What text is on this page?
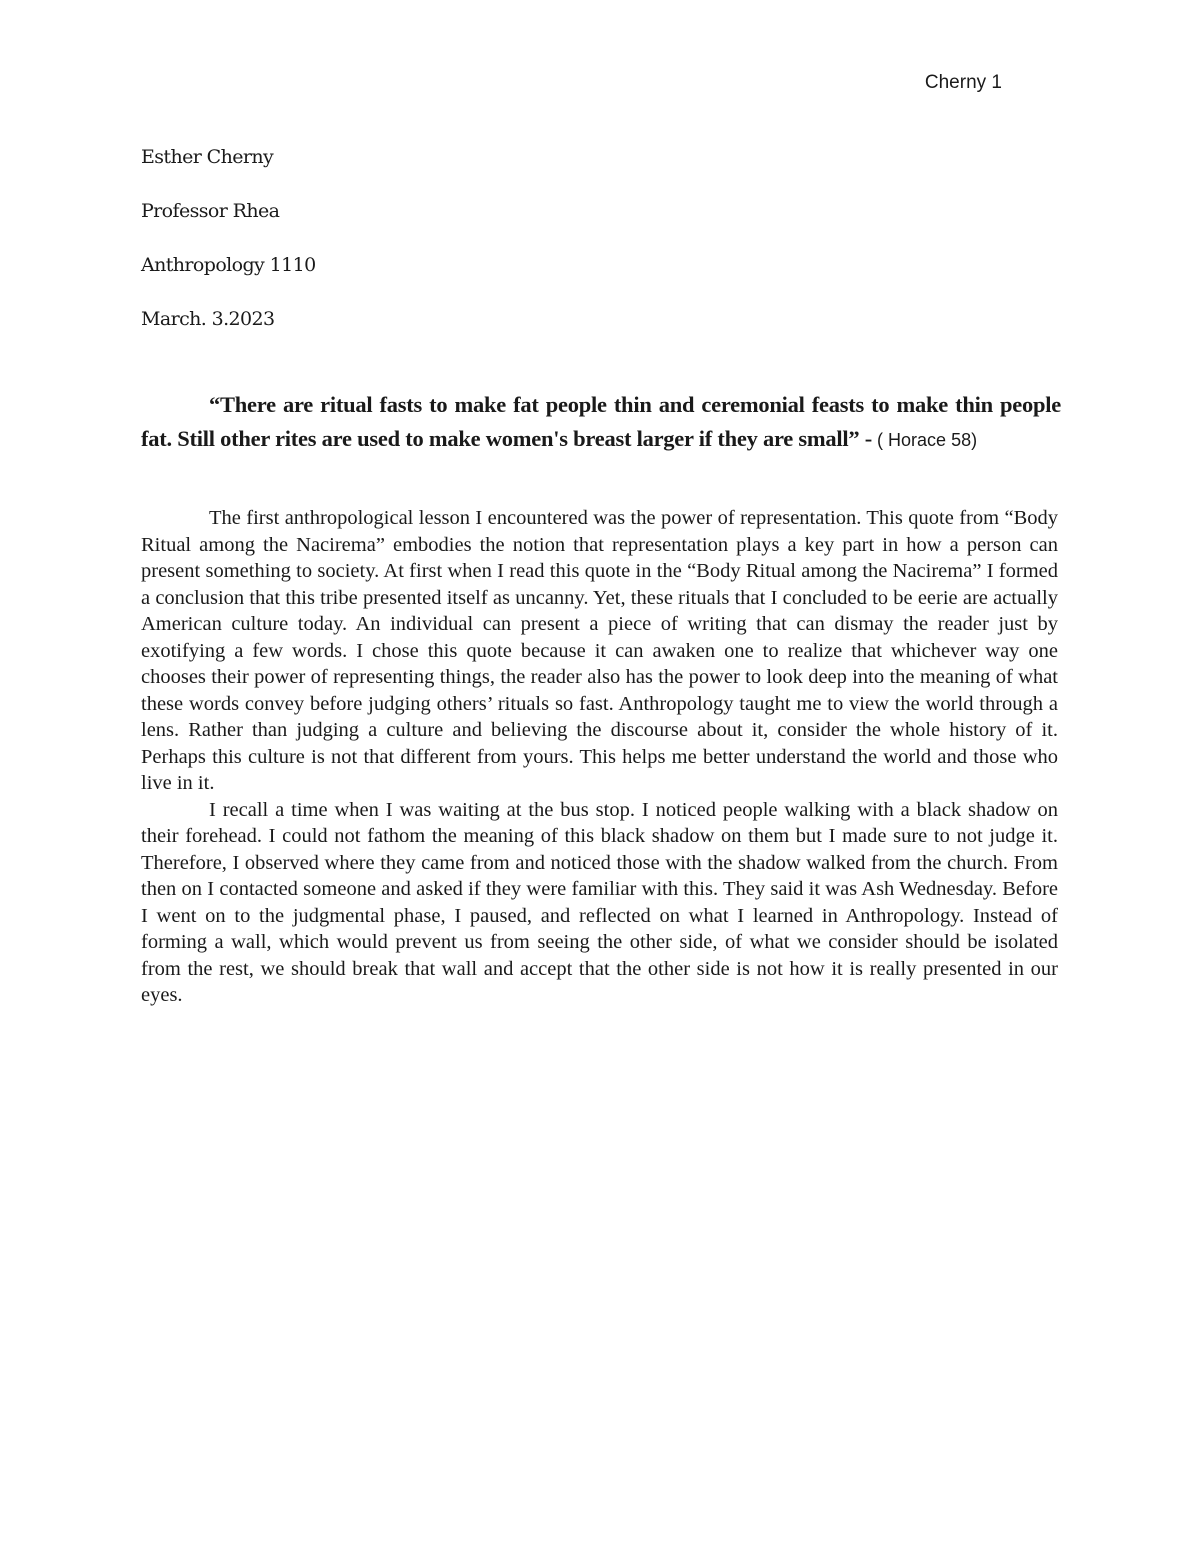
Cherny 1
Esther Cherny
Professor Rhea
Anthropology 1110
March. 3.2023
“There are ritual fasts to make fat people thin and ceremonial feasts to make thin people fat. Still other rites are used to make women's breast larger if they are small” - ( Horace 58)

The first anthropological lesson I encountered was the power of representation. This quote from “Body Ritual among the Nacirema” embodies the notion that representation plays a key part in how a person can present something to society. At first when I read this quote in the “Body Ritual among the Nacirema” I formed a conclusion that this tribe presented itself as uncanny. Yet, these rituals that I concluded to be eerie are actually American culture today. An individual can present a piece of writing that can dismay the reader just by exotifying a few words. I chose this quote because it can awaken one to realize that whichever way one chooses their power of representing things, the reader also has the power to look deep into the meaning of what these words convey before judging others’ rituals so fast. Anthropology taught me to view the world through a lens. Rather than judging a culture and believing the discourse about it, consider the whole history of it. Perhaps this culture is not that different from yours. This helps me better understand the world and those who live in it.

I recall a time when I was waiting at the bus stop. I noticed people walking with a black shadow on their forehead. I could not fathom the meaning of this black shadow on them but I made sure to not judge it. Therefore, I observed where they came from and noticed those with the shadow walked from the church. From then on I contacted someone and asked if they were familiar with this. They said it was Ash Wednesday. Before I went on to the judgmental phase, I paused, and reflected on what I learned in Anthropology. Instead of forming a wall, which would prevent us from seeing the other side, of what we consider should be isolated from the rest, we should break that wall and accept that the other side is not how it is really presented in our eyes.
